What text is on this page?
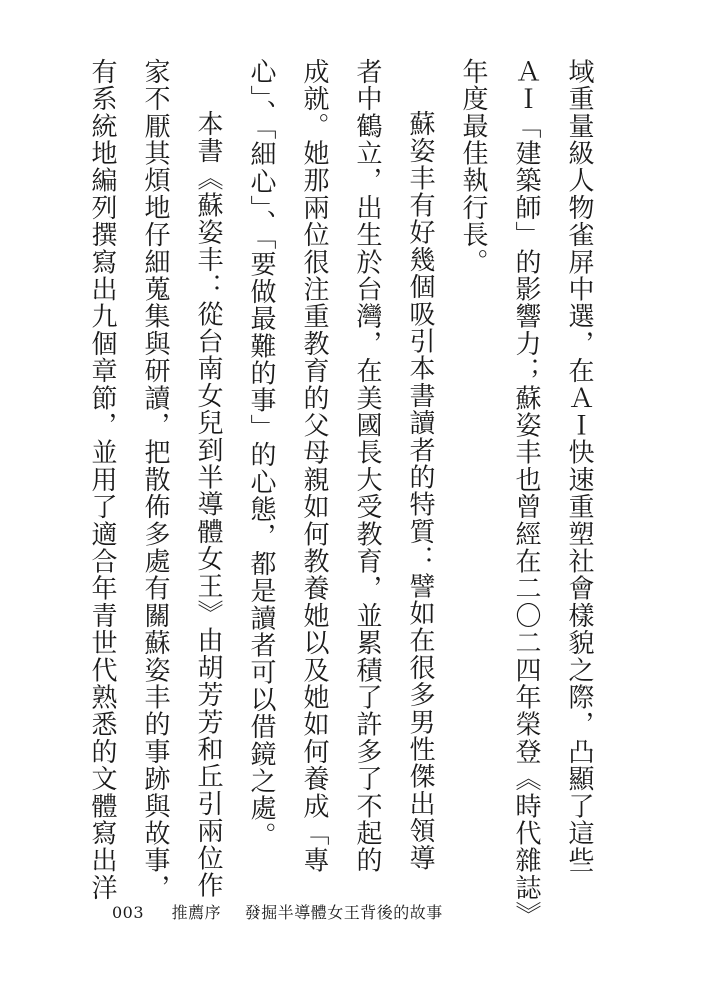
域重量級人物雀屏中選，在ＡＩ快速重塑社會樣貌之際，凸顯了這些

ＡＩ「建築師」的影響力；蘇姿丰也曾經在二〇二四年榮登《時代雜誌》

年度最佳執行長。

蘇姿丰有好幾個吸引本書讀者的特質：譬如在很多男性傑出領導

者中鶴立，出生於台灣，在美國長大受教育，並累積了許多了不起的

成就。她那兩位很注重教育的父母親如何教養她以及她如何養成「專

心」、「細心」、「要做最難的事」的心態，都是讀者可以借鏡之處。

本書《蘇姿丰：從台南女兒到半導體女王》由胡芳芳和丘引兩位作

家不厭其煩地仔細蒐集與研讀，把散佈多處有關蘇姿丰的事跡與故事，

有系統地編列撰寫出九個章節，並用了適合年青世代熟悉的文體寫出洋

003 推薦序 發掘半導體女王背後的故事
